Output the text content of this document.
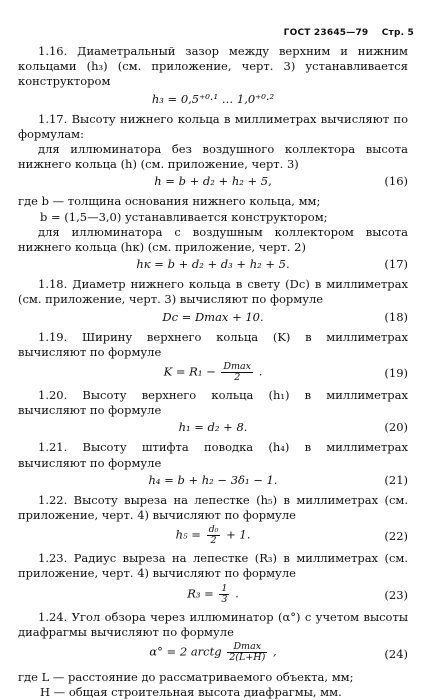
ГОСТ 23645—79 Стр. 5

1.16. Диаметральный зазор между верхним и нижним кольцами (h₃) (см. приложение, черт. 3) устанавливается конструктором

h₃ = 0,5⁺⁰·¹ … 1,0⁺⁰·²

1.17. Высоту нижнего кольца в миллиметрах вычисляют по формулам:

для иллюминатора без воздушного коллектора высота нижнего кольца (h) (см. приложение, черт. 3)

h = b + d₂ + h₂ + 5,	(16)
где b — толщина основания нижнего кольца, мм;
b = (1,5—3,0) устанавливается конструктором;

для иллюминатора с воздушным коллектором высота нижнего кольца (hк) (см. приложение, черт. 2)

hк = b + d₂ + d₃ + h₂ + 5.	(17)

1.18. Диаметр нижнего кольца в свету (Dс) в миллиметрах (см. приложение, черт. 3) вычисляют по формуле

Dс = Dmax + 10.	(18)

1.19. Ширину верхнего кольца (K) в миллиметрах вычисляют по формуле

$K = R_1 - \frac{Dmax}{2}$ .	(19)

1.20. Высоту верхнего кольца (h₁) в миллиметрах вычисляют по формуле

h₁ = d₂ + 8.	(20)

1.21. Высоту штифта поводка (h₄) в миллиметрах вычисляют по формуле

h₄ = b + h₂ − 3δ₁ − 1.	(21)

1.22. Высоту выреза на лепестке (h₅) в миллиметрах (см. приложение, черт. 4) вычисляют по формуле

$h_5 = \frac{\text{d₀}}{2} + 1$.	(22)

1.23. Радиус выреза на лепестке (R₃) в миллиметрах (см. приложение, черт. 4) вычисляют по формуле

$R_3 = \frac{1}{3}$ .	(23)

1.24. Угол обзора через иллюминатор (α°) с учетом высоты диафрагмы вычисляют по формуле

α° = 2 arctg $\frac{Dmax}{2(L+H)}$ ,	(24)
где L — расстояние до рассматриваемого объекта, мм;
H — общая строительная высота диафрагмы, мм.
